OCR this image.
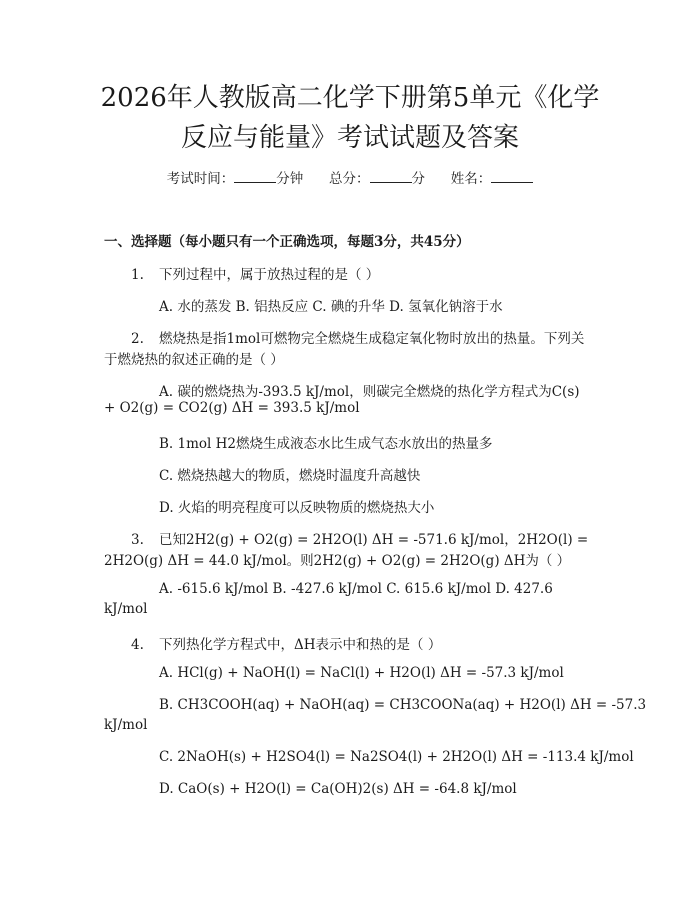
2026年人教版高二化学下册第5单元《化学
反应与能量》考试试题及答案
考试时间：	分钟 总分：	分 姓名：
一、选择题（每小题只有一个正确选项，每题3分，共45分）
1. 下列过程中，属于放热过程的是（ ）
A. 水的蒸发 B. 铝热反应 C. 碘的升华 D. 氢氧化钠溶于水
2. 燃烧热是指1mol可燃物完全燃烧生成稳定氧化物时放出的热量。下列关
于燃烧热的叙述正确的是（ ）
A. 碳的燃烧热为-393.5 kJ/mol，则碳完全燃烧的热化学方程式为C(s)
+ O2(g) = CO2(g) ΔH = 393.5 kJ/mol
B. 1mol H2燃烧生成液态水比生成气态水放出的热量多
C. 燃烧热越大的物质，燃烧时温度升高越快
D. 火焰的明亮程度可以反映物质的燃烧热大小
3. 已知2H2(g) + O2(g) = 2H2O(l) ΔH = -571.6 kJ/mol，2H2O(l) =
2H2O(g) ΔH = 44.0 kJ/mol。则2H2(g) + O2(g) = 2H2O(g) ΔH为（ ）
A. -615.6 kJ/mol B. -427.6 kJ/mol C. 615.6 kJ/mol D. 427.6
kJ/mol
4. 下列热化学方程式中，ΔH表示中和热的是（ ）
A. HCl(g) + NaOH(l) = NaCl(l) + H2O(l) ΔH = -57.3 kJ/mol
B. CH3COOH(aq) + NaOH(aq) = CH3COONa(aq) + H2O(l) ΔH = -57.3
kJ/mol
C. 2NaOH(s) + H2SO4(l) = Na2SO4(l) + 2H2O(l) ΔH = -113.4 kJ/mol
D. CaO(s) + H2O(l) = Ca(OH)2(s) ΔH = -64.8 kJ/mol
